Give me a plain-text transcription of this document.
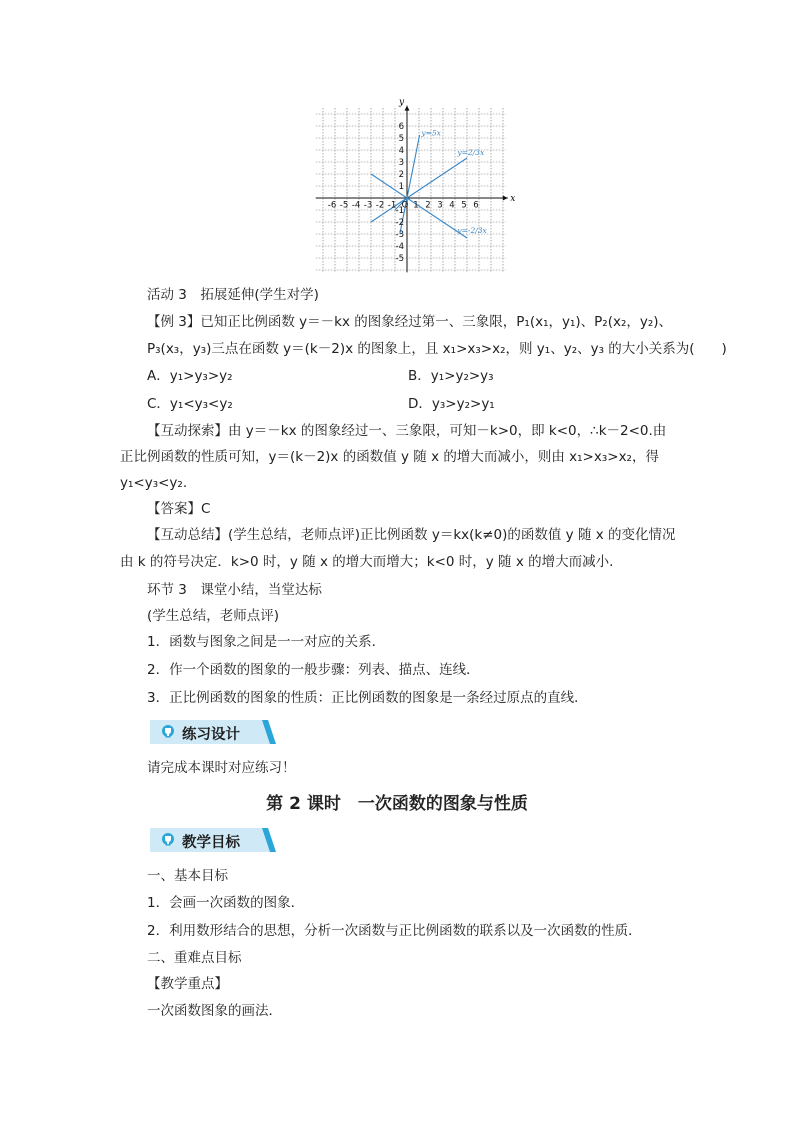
-6 -5 -4 -3 -2 -1 O 1 2 3 4 5 6
6
5
4
3
2
1
-1
-2
-3
-4
-5
x
y
y=5x
y=2/3x
y=-2/3x
活动 3　拓展延伸(学生对学)

【例 3】已知正比例函数 y＝－kx 的图象经过第一、三象限，P₁(x₁，y₁)、P₂(x₂，y₂)、

P₃(x₃，y₃)三点在函数 y＝(k－2)x 的图象上，且 x₁>x₃>x₂，则 y₁、y₂、y₃ 的大小关系为(　　)
A．y₁>y₃>y₂	B．y₁>y₂>y₃
C．y₁<y₃<y₂	D．y₃>y₂>y₁
【互动探索】由 y＝－kx 的图象经过一、三象限，可知－k>0，即 k<0，∴k－2<0.由
正比例函数的性质可知，y＝(k－2)x 的函数值 y 随 x 的增大而减小，则由 x₁>x₃>x₂，得
y₁<y₃<y₂.
【答案】C
【互动总结】(学生总结，老师点评)正比例函数 y＝kx(k≠0)的函数值 y 随 x 的变化情况
由 k 的符号决定．k>0 时，y 随 x 的增大而增大；k<0 时，y 随 x 的增大而减小.
环节 3　课堂小结，当堂达标
(学生总结，老师点评)
1．函数与图象之间是一一对应的关系．
2．作一个函数的图象的一般步骤：列表、描点、连线．
3．正比例函数的图象的性质：正比例函数的图象是一条经过原点的直线．
练习设计
请完成本课时对应练习！
第 2 课时　一次函数的图象与性质
教学目标
一、基本目标
1．会画一次函数的图象．
2．利用数形结合的思想，分析一次函数与正比例函数的联系以及一次函数的性质．
二、重难点目标
【教学重点】
一次函数图象的画法．
